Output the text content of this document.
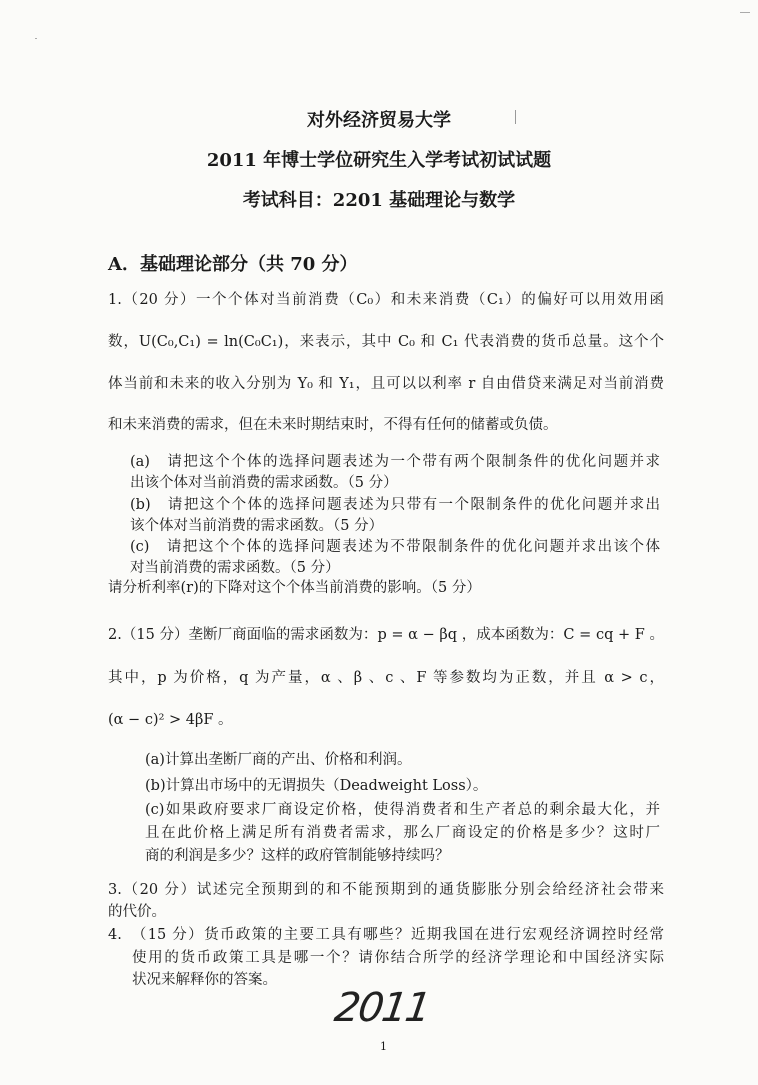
对外经济贸易大学
2011 年博士学位研究生入学考试初试试题
考试科目：2201 基础理论与数学
A．基础理论部分（共 70 分）
1.（20 分）一个个体对当前消费（C₀）和未来消费（C₁）的偏好可以用效用函
数，U(C₀,C₁) = ln(C₀C₁)，来表示，其中 C₀ 和 C₁ 代表消费的货币总量。这个个
体当前和未来的收入分别为 Y₀ 和 Y₁，且可以以利率 r 自由借贷来满足对当前消费
和未来消费的需求，但在未来时期结束时，不得有任何的储蓄或负债。
(a)　请把这个个体的选择问题表述为一个带有两个限制条件的优化问题并求
出该个体对当前消费的需求函数。（5 分）
(b)　请把这个个体的选择问题表述为只带有一个限制条件的优化问题并求出
该个体对当前消费的需求函数。（5 分）
(c)　请把这个个体的选择问题表述为不带限制条件的优化问题并求出该个体
对当前消费的需求函数。（5 分）
请分析利率(r)的下降对这个个体当前消费的影响。（5 分）
2.（15 分）垄断厂商面临的需求函数为：p = α − βq ，成本函数为：C = cq + F 。
其中，p 为价格，q 为产量，α 、β 、c 、F 等参数均为正数，并且 α > c，
(α − c)² > 4βF 。
(a)计算出垄断厂商的产出、价格和利润。
(b)计算出市场中的无谓损失（Deadweight Loss）。
(c)如果政府要求厂商设定价格，使得消费者和生产者总的剩余最大化，并
且在此价格上满足所有消费者需求，那么厂商设定的价格是多少？这时厂
商的利润是多少？这样的政府管制能够持续吗？
3.（20 分）试述完全预期到的和不能预期到的通货膨胀分别会给经济社会带来
的代价。
4.　（15 分）货币政策的主要工具有哪些？近期我国在进行宏观经济调控时经常
使用的货币政策工具是哪一个？请你结合所学的经济学理论和中国经济实际
状况来解释你的答案。
2011
1
